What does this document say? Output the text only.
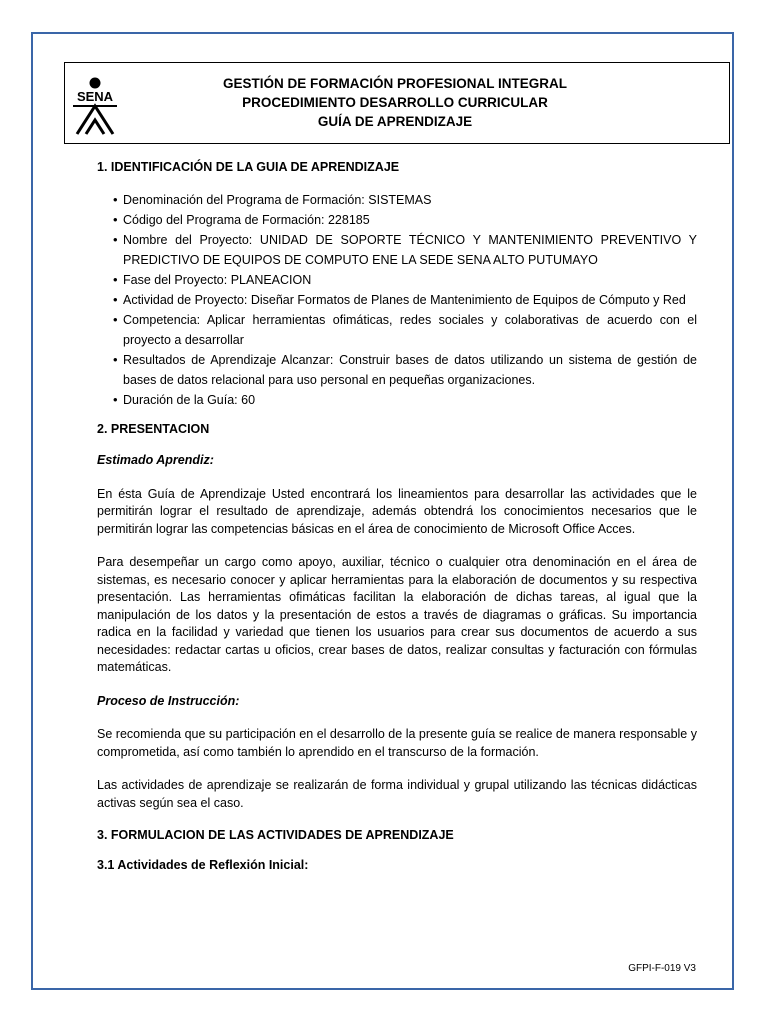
SENA
GESTIÓN DE FORMACIÓN PROFESIONAL INTEGRAL
PROCEDIMIENTO DESARROLLO CURRICULAR
GUÍA DE APRENDIZAJE
1. IDENTIFICACIÓN DE LA GUIA DE APRENDIZAJE
• Denominación del Programa de Formación: SISTEMAS
• Código del Programa de Formación: 228185
• Nombre del Proyecto: UNIDAD DE SOPORTE TÉCNICO Y MANTENIMIENTO PREVENTIVO Y PREDICTIVO DE EQUIPOS DE COMPUTO ENE LA SEDE SENA ALTO PUTUMAYO
• Fase del Proyecto: PLANEACION
• Actividad de Proyecto: Diseñar Formatos de Planes de Mantenimiento de Equipos de Cómputo y Red
• Competencia: Aplicar herramientas ofimáticas, redes sociales y colaborativas de acuerdo con el proyecto a desarrollar
• Resultados de Aprendizaje Alcanzar: Construir bases de datos utilizando un sistema de gestión de bases de datos relacional para uso personal en pequeñas organizaciones.
• Duración de la Guía: 60
2. PRESENTACION

Estimado Aprendiz:

En ésta Guía de Aprendizaje Usted encontrará los lineamientos para desarrollar las actividades que le permitirán lograr el resultado de aprendizaje, además obtendrá los conocimientos necesarios que le permitirán lograr las competencias básicas en el área de conocimiento de Microsoft Office Acces.

Para desempeñar un cargo como apoyo, auxiliar, técnico o cualquier otra denominación en el área de sistemas, es necesario conocer y aplicar herramientas para la elaboración de documentos y su respectiva presentación. Las herramientas ofimáticas facilitan la elaboración de dichas tareas, al igual que la manipulación de los datos y la presentación de estos a través de diagramas o gráficas. Su importancia radica en la facilidad y variedad que tienen los usuarios para crear sus documentos de acuerdo a sus necesidades: redactar cartas u oficios, crear bases de datos, realizar consultas y facturación con fórmulas matemáticas.

Proceso de Instrucción:

Se recomienda que su participación en el desarrollo de la presente guía se realice de manera responsable y comprometida, así como también lo aprendido en el transcurso de la formación.

Las actividades de aprendizaje se realizarán de forma individual y grupal utilizando las técnicas didácticas activas según sea el caso.

3. FORMULACION DE LAS ACTIVIDADES DE APRENDIZAJE
3.1 Actividades de Reflexión Inicial:
GFPI-F-019 V3
